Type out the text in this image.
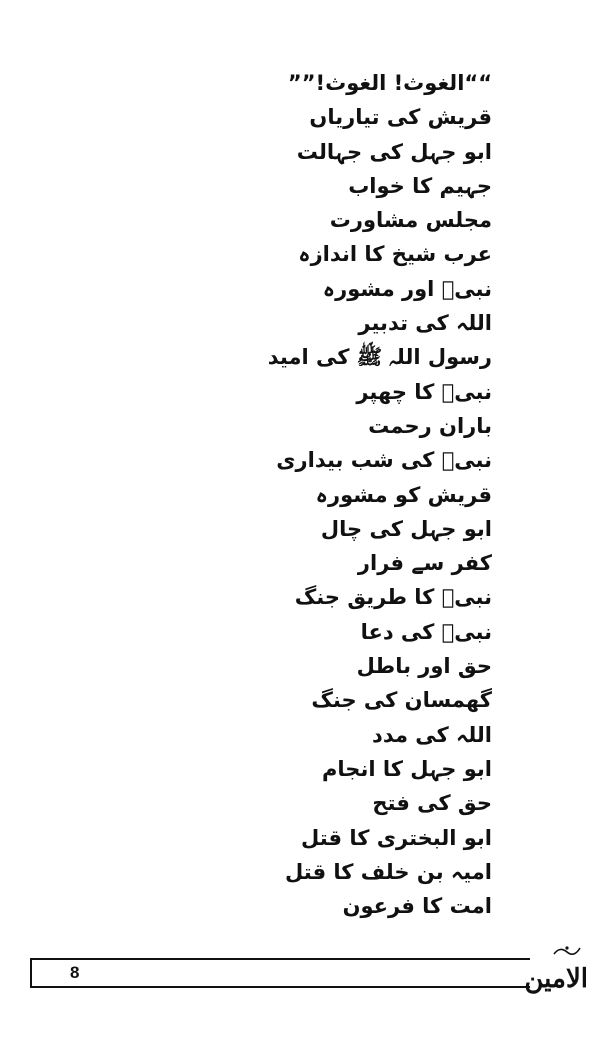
““الغوث! الغوث!””
قریش کی تیاریاں
ابو جہل کی جہالت
جہیم کا خواب
مجلس مشاورت
عرب شیخ کا اندازہ
نبیؐ اور مشورہ
اللہ کی تدبیر
رسول اللہ ﷺ کی امید
نبیؐ کا چھپر
باران رحمت
نبیؐ کی شب بیداری
قریش کو مشورہ
ابو جہل کی چال
کفر سے فرار
نبیؐ کا طریق جنگ
نبیؐ کی دعا
حق اور باطل
گھمسان کی جنگ
اللہ کی مدد
ابو جہل کا انجام
حق کی فتح
ابو البختری کا قتل
امیہ بن خلف کا قتل
امت کا فرعون
8	الامین
